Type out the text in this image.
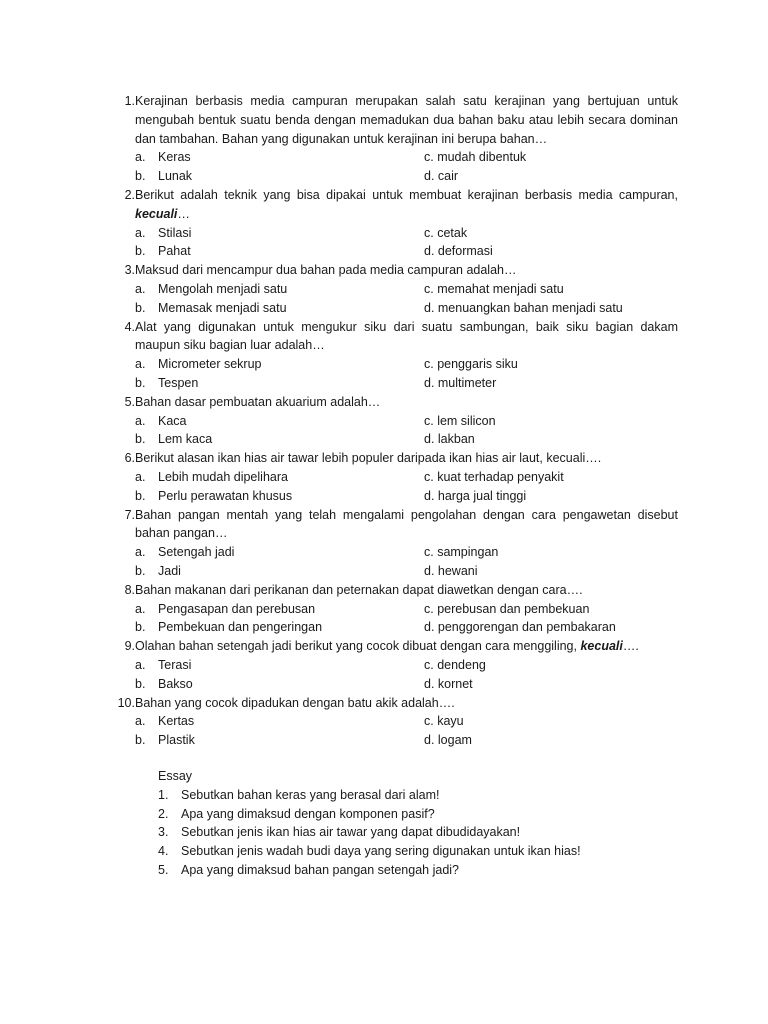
1. Kerajinan berbasis media campuran merupakan salah satu kerajinan yang bertujuan untuk mengubah bentuk suatu benda dengan memadukan dua bahan baku atau lebih secara dominan dan tambahan. Bahan yang digunakan untuk kerajinan ini berupa bahan…
a.	Keras	c. mudah dibentuk
b.	Lunak	d. cair
2. Berikut adalah teknik yang bisa dipakai untuk membuat kerajinan berbasis media campuran, kecuali…
a.	Stilasi	c. cetak
b.	Pahat	d. deformasi
3. Maksud dari mencampur dua bahan pada media campuran adalah…
a.	Mengolah menjadi satu	c. memahat menjadi satu
b.	Memasak menjadi satu	d. menuangkan bahan menjadi satu
4. Alat yang digunakan untuk mengukur siku dari suatu sambungan, baik siku bagian dakam maupun siku bagian luar adalah…
a.	Micrometer sekrup	c. penggaris siku
b.	Tespen	d. multimeter
5. Bahan dasar pembuatan akuarium adalah…
a.	Kaca	c. lem silicon
b.	Lem kaca	d. lakban
6. Berikut alasan ikan hias air tawar lebih populer daripada ikan hias air laut, kecuali….
a.	Lebih mudah dipelihara	c. kuat terhadap penyakit
b.	Perlu perawatan khusus	d. harga jual tinggi
7. Bahan pangan mentah yang telah mengalami pengolahan dengan cara pengawetan disebut bahan pangan…
a.	Setengah jadi	c. sampingan
b.	Jadi	d. hewani
8. Bahan makanan dari perikanan dan peternakan dapat diawetkan dengan cara….
a.	Pengasapan dan perebusan	c. perebusan dan pembekuan
b.	Pembekuan dan pengeringan	d. penggorengan dan pembakaran
9. Olahan bahan setengah jadi berikut yang cocok dibuat dengan cara menggiling, kecuali….
a.	Terasi	c. dendeng
b.	Bakso	d. kornet
10. Bahan yang cocok dipadukan dengan batu akik adalah….
a.	Kertas	c. kayu
b.	Plastik	d. logam
Essay
1.	Sebutkan bahan keras yang berasal dari alam!
2.	Apa yang dimaksud dengan komponen pasif?
3.	Sebutkan jenis ikan hias air tawar yang dapat dibudidayakan!
4.	Sebutkan jenis wadah budi daya yang sering digunakan untuk ikan hias!
5.	Apa yang dimaksud bahan pangan setengah jadi?
